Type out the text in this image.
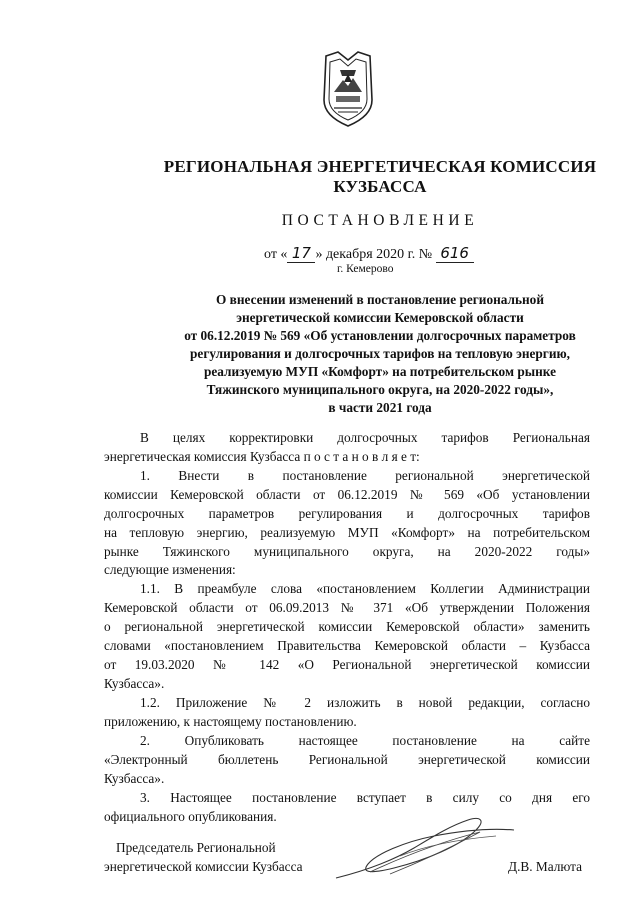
РЕГИОНАЛЬНАЯ ЭНЕРГЕТИЧЕСКАЯ КОМИССИЯ
КУЗБАССА
ПОСТАНОВЛЕНИЕ
от « 17 » декабря 2020 г. № 616
г. Кемерово
О внесении изменений в постановление региональной
энергетической комиссии Кемеровской области
от 06.12.2019 № 569 «Об установлении долгосрочных параметров
регулирования и долгосрочных тарифов на тепловую энергию,
реализуемую МУП «Комфорт» на потребительском рынке
Тяжинского муниципального округа, на 2020-2022 годы»,
в части 2021 года
В целях корректировки долгосрочных тарифов Региональная
энергетическая комиссия Кузбасса п о с т а н о в л я е т:
1. Внести в постановление региональной энергетической
комиссии Кемеровской области от 06.12.2019 № 569 «Об установлении
долгосрочных параметров регулирования и долгосрочных тарифов
на тепловую энергию, реализуемую МУП «Комфорт» на потребительском
рынке Тяжинского муниципального округа, на 2020-2022 годы»
следующие изменения:
1.1. В преамбуле слова «постановлением Коллегии Администрации
Кемеровской области от 06.09.2013 № 371 «Об утверждении Положения
о региональной энергетической комиссии Кемеровской области» заменить
словами «постановлением Правительства Кемеровской области – Кузбасса
от 19.03.2020 № 142 «О Региональной энергетической комиссии
Кузбасса».
1.2. Приложение № 2 изложить в новой редакции, согласно
приложению, к настоящему постановлению.
2. Опубликовать настоящее постановление на сайте
«Электронный бюллетень Региональной энергетической комиссии
Кузбасса».
3. Настоящее постановление вступает в силу со дня его
официального опубликования.
Председатель Региональной
энергетической комиссии Кузбасса	Д.В. Малюта
